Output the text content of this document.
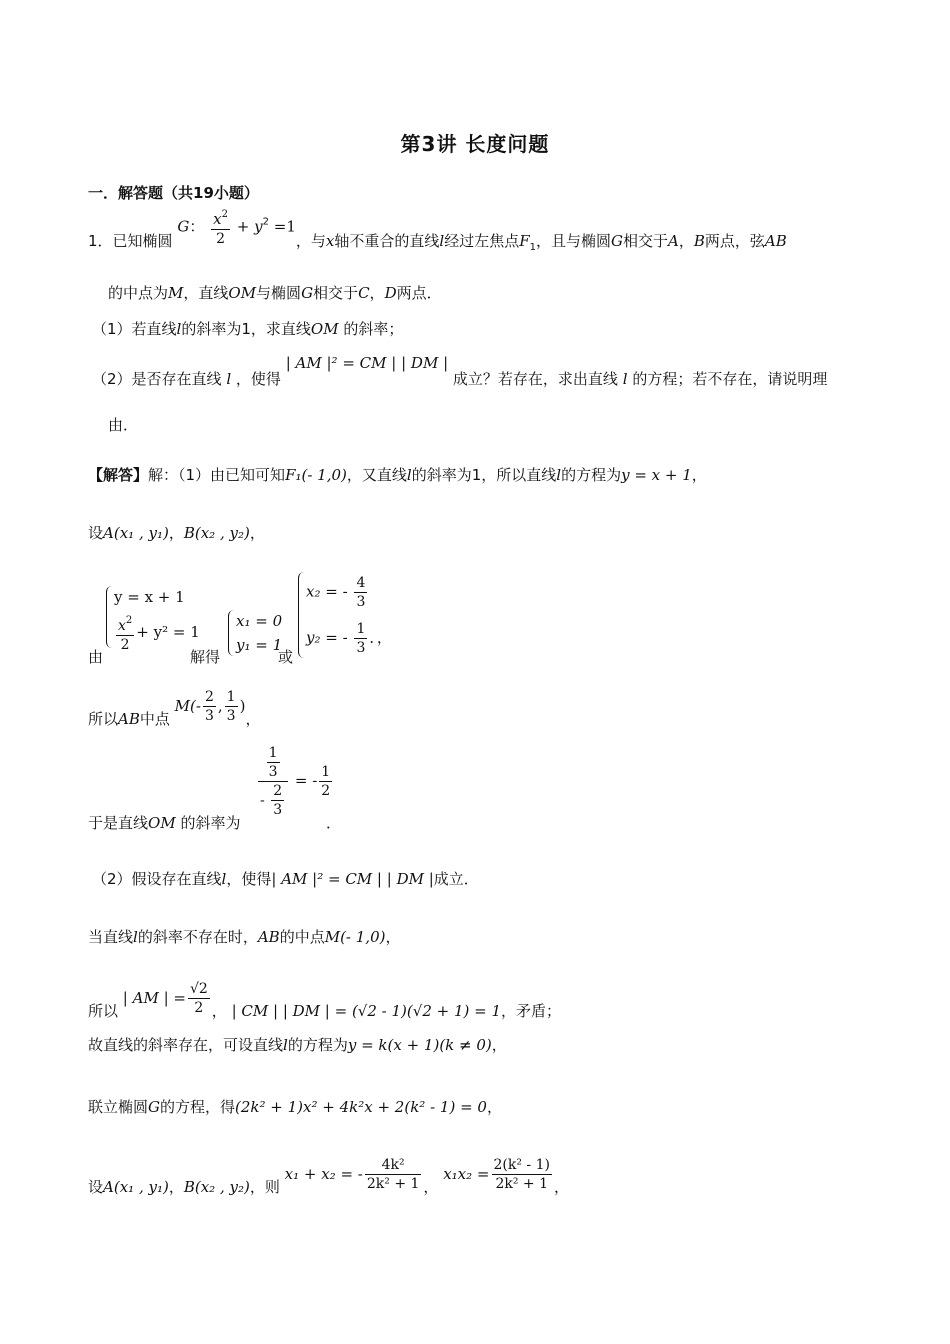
第3讲 长度问题
一．解答题（共19小题）
1．已知椭圆 G： $\frac{x^2}{2} + y^2 =1$，与x轴不重合的直线l经过左焦点$F_1$，且与椭圆G相交于A，B两点，弦AB
的中点为M，直线OM与椭圆G相交于C，D两点．
（1）若直线l的斜率为1，求直线OM 的斜率；
（2）是否存在直线 l ，使得 | AM |² = CM | | DM | 成立？若存在，求出直线 l 的方程；若不存在，请说明理
由．
【解答】解：（1）由已知可知F₁(- 1,0)，又直线l的斜率为1，所以直线l的方程为y = x + 1，
设A(x₁ , y₁)，B(x₂ , y₂)，
由
y = x + 1
$\frac{x^2}{2} + y^2 = 1$
解得
x₁ = 0
y₁ = 1
或
x₂ = - $\frac{4}{3}$
y₂ = - $\frac{1}{3}$ ．，
所以AB中点 $M(- \frac{2}{3}$ , $\frac{1}{3}$ )，
于是直线OM 的斜率为
$\frac{\frac{1}{3}}{- \frac{2}{3}}$ = - $\frac{1}{2}$
．
（2）假设存在直线l，使得| AM |² = CM | | DM |成立．
当直线l的斜率不存在时，AB的中点M(- 1,0)，
所以 | AM | = $\frac{√2}{2}$ ， | CM | | DM | = (√2 - 1)(√2 + 1) = 1，矛盾；
故直线的斜率存在，可设直线l的方程为y = k(x + 1)(k ≠ 0)，
联立椭圆G的方程，得(2k² + 1)x² + 4k²x + 2(k² - 1) = 0，
设A(x₁ , y₁)，B(x₂ , y₂)，则 x₁ + x₂ = - $\frac{\text{4k²}}{\text{2k² + 1}}$ ， $x_1x_2 = \frac{\text{2(k² - 1)}}{\text{2k² + 1}}$ ，
